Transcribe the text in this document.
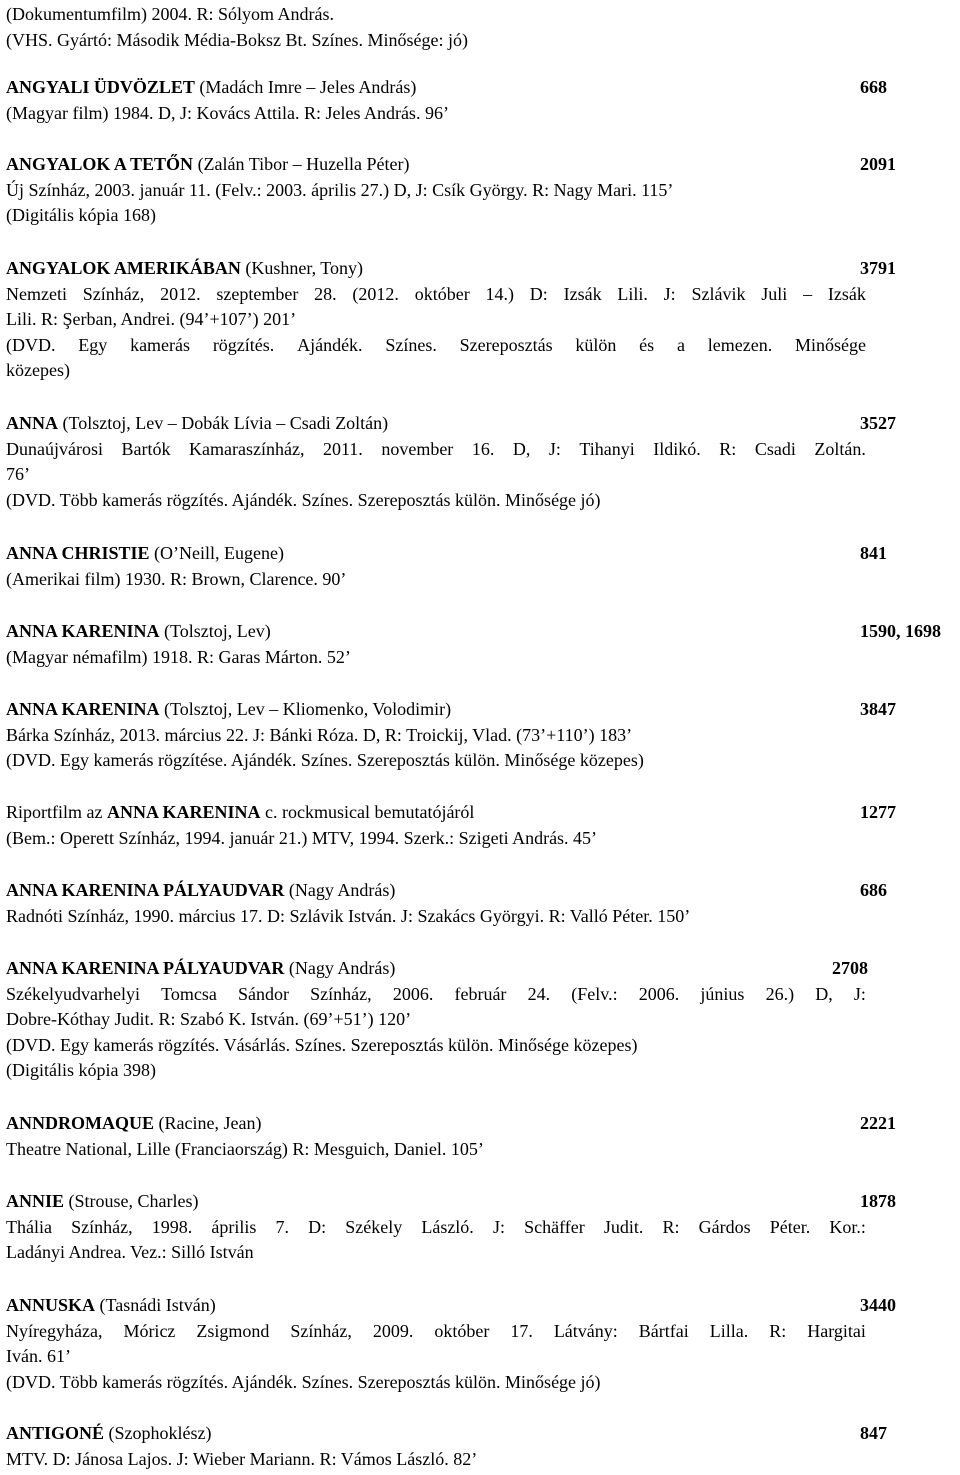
(Dokumentumfilm) 2004. R: Sólyom András.
(VHS. Gyártó: Második Média-Boksz Bt. Színes. Minősége: jó)
ANGYALI ÜDVÖZLET (Madách Imre – Jeles András)	668
(Magyar film) 1984. D, J: Kovács Attila. R: Jeles András. 96’
ANGYALOK A TETŐN (Zalán Tibor – Huzella Péter)	2091
Új Színház, 2003. január 11. (Felv.: 2003. április 27.) D, J: Csík György. R: Nagy Mari. 115’
(Digitális kópia 168)
ANGYALOK AMERIKÁBAN (Kushner, Tony)	3791
Nemzeti Színház, 2012. szeptember 28. (2012. október 14.) D: Izsák Lili. J: Szlávik Juli – Izsák
Lili. R: Şerban, Andrei. (94’+107’) 201’
(DVD. Egy kamerás rögzítés. Ajándék. Színes. Szereposztás külön és a lemezen. Minősége
közepes)
ANNA (Tolsztoj, Lev – Dobák Lívia – Csadi Zoltán)	3527
Dunaújvárosi Bartók Kamaraszínház, 2011. november 16. D, J: Tihanyi Ildikó. R: Csadi Zoltán.
76’
(DVD. Több kamerás rögzítés. Ajándék. Színes. Szereposztás külön. Minősége jó)
ANNA CHRISTIE (O’Neill, Eugene)	841
(Amerikai film) 1930. R: Brown, Clarence. 90’
ANNA KARENINA (Tolsztoj, Lev)	1590, 1698
(Magyar némafilm) 1918. R: Garas Márton. 52’
ANNA KARENINA (Tolsztoj, Lev – Kliomenko, Volodimir)	3847
Bárka Színház, 2013. március 22. J: Bánki Róza. D, R: Troickij, Vlad. (73’+110’) 183’
(DVD. Egy kamerás rögzítése. Ajándék. Színes. Szereposztás külön. Minősége közepes)
Riportfilm az ANNA KARENINA c. rockmusical bemutatójáról	1277
(Bem.: Operett Színház, 1994. január 21.) MTV, 1994. Szerk.: Szigeti András. 45’
ANNA KARENINA PÁLYAUDVAR (Nagy András)	686
Radnóti Színház, 1990. március 17. D: Szlávik István. J: Szakács Györgyi. R: Valló Péter. 150’
ANNA KARENINA PÁLYAUDVAR (Nagy András)	2708
Székelyudvarhelyi Tomcsa Sándor Színház, 2006. február 24. (Felv.: 2006. június 26.) D, J:
Dobre-Kóthay Judit. R: Szabó K. István. (69’+51’) 120’
(DVD. Egy kamerás rögzítés. Vásárlás. Színes. Szereposztás külön. Minősége közepes)
(Digitális kópia 398)
ANNDROMAQUE (Racine, Jean)	2221
Theatre National, Lille (Franciaország) R: Mesguich, Daniel. 105’
ANNIE (Strouse, Charles)	1878
Thália Színház, 1998. április 7. D: Székely László. J: Schäffer Judit. R: Gárdos Péter. Kor.:
Ladányi Andrea. Vez.: Silló István
ANNUSKA (Tasnádi István)	3440
Nyíregyháza, Móricz Zsigmond Színház, 2009. október 17. Látvány: Bártfai Lilla. R: Hargitai
Iván. 61’
(DVD. Több kamerás rögzítés. Ajándék. Színes. Szereposztás külön. Minősége jó)
ANTIGONÉ (Szophoklész)	847
MTV. D: Jánosa Lajos. J: Wieber Mariann. R: Vámos László. 82’
